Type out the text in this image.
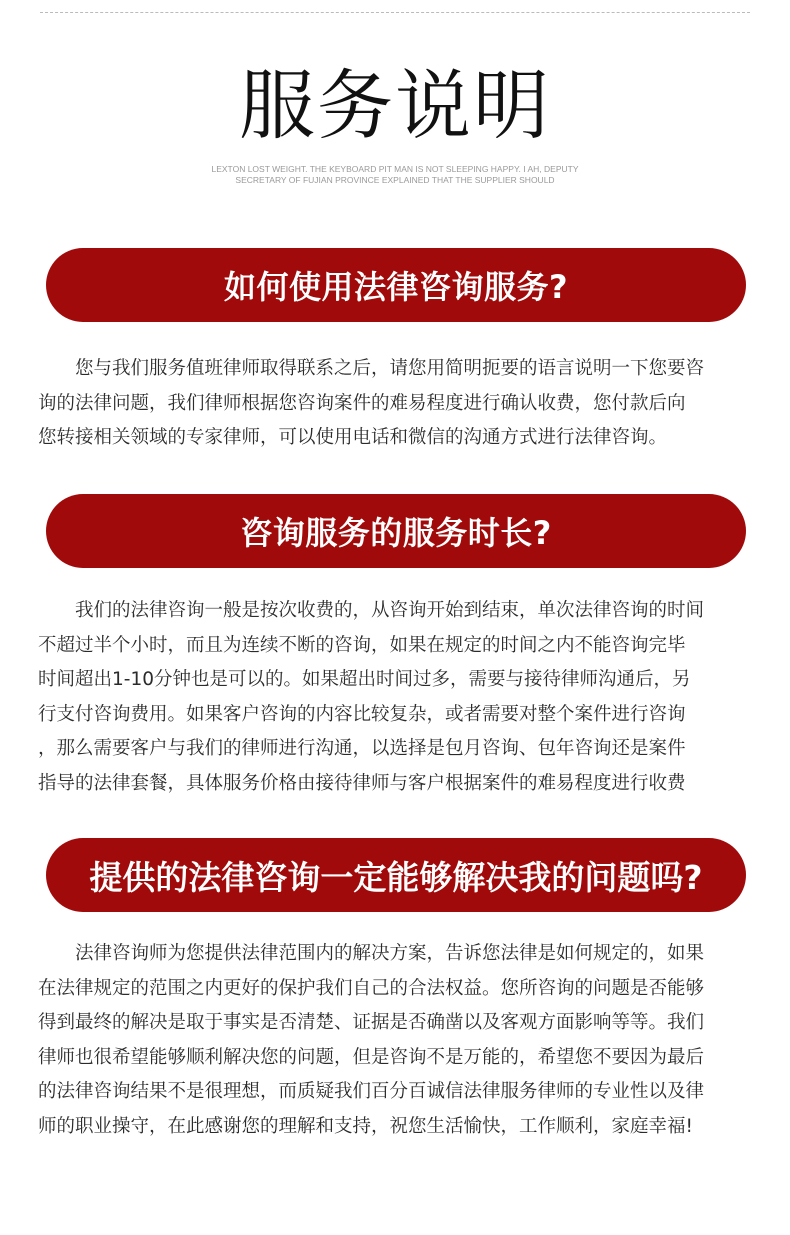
服务说明
LEXTON LOST WEIGHT. THE KEYBOARD PIT MAN IS NOT SLEEPING HAPPY. I AH, DEPUTY
SECRETARY OF FUJIAN PROVINCE EXPLAINED THAT THE SUPPLIER SHOULD
如何使用法律咨询服务?
您与我们服务值班律师取得联系之后，请您用简明扼要的语言说明一下您要咨
询的法律问题，我们律师根据您咨询案件的难易程度进行确认收费，您付款后向
您转接相关领域的专家律师，可以使用电话和微信的沟通方式进行法律咨询。
咨询服务的服务时长?
我们的法律咨询一般是按次收费的，从咨询开始到结束，单次法律咨询的时间
不超过半个小时，而且为连续不断的咨询，如果在规定的时间之内不能咨询完毕
时间超出1-10分钟也是可以的。如果超出时间过多，需要与接待律师沟通后，另
行支付咨询费用。如果客户咨询的内容比较复杂，或者需要对整个案件进行咨询
，那么需要客户与我们的律师进行沟通，以选择是包月咨询、包年咨询还是案件
指导的法律套餐，具体服务价格由接待律师与客户根据案件的难易程度进行收费
提供的法律咨询一定能够解决我的问题吗?
法律咨询师为您提供法律范围内的解决方案，告诉您法律是如何规定的，如果
在法律规定的范围之内更好的保护我们自己的合法权益。您所咨询的问题是否能够
得到最终的解决是取于事实是否清楚、证据是否确凿以及客观方面影响等等。我们
律师也很希望能够顺利解决您的问题，但是咨询不是万能的，希望您不要因为最后
的法律咨询结果不是很理想，而质疑我们百分百诚信法律服务律师的专业性以及律
师的职业操守，在此感谢您的理解和支持，祝您生活愉快，工作顺利，家庭幸福!
